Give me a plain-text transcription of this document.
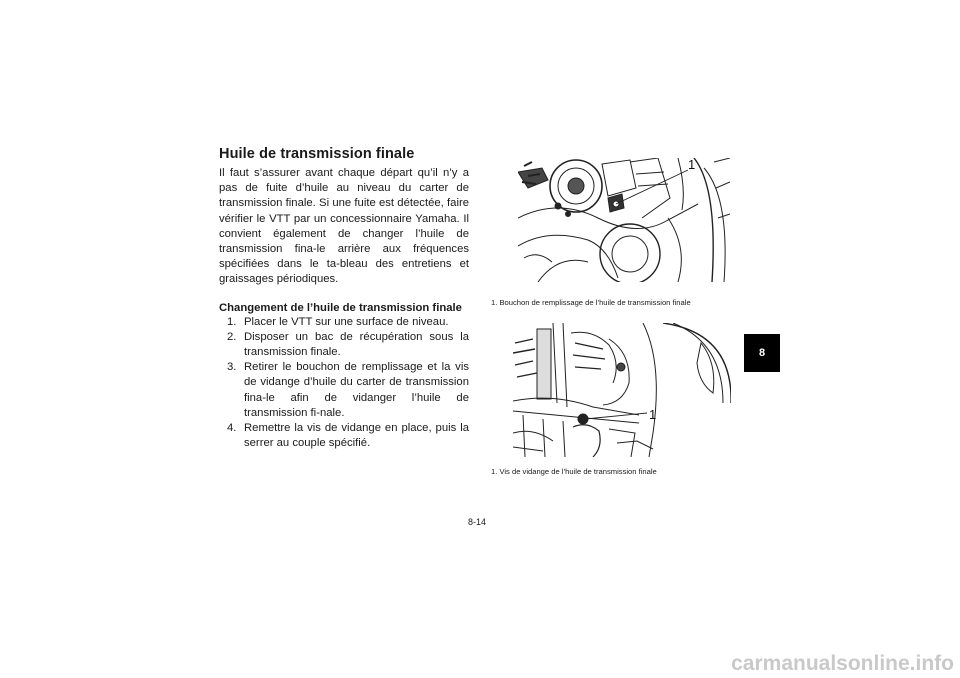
Huile de transmission finale

Il faut s’assurer avant chaque départ qu’il n’y a pas de fuite d’huile au niveau du carter de transmission finale. Si une fuite est détectée, faire vérifier le VTT par un concessionnaire Yamaha. Il convient également de changer l’huile de transmission fina-le arrière aux fréquences spécifiées dans le ta-bleau des entretiens et graissages périodiques.

Changement de l’huile de transmission finale
1. Placer le VTT sur une surface de niveau.
2. Disposer un bac de récupération sous la transmission finale.
3. Retirer le bouchon de remplissage et la vis de vidange d’huile du carter de transmission fina-le afin de vidanger l’huile de transmission fi-nale.
4. Remettre la vis de vidange en place, puis la serrer au couple spécifié.
1
1. Bouchon de remplissage de l’huile de transmission finale
1
1. Vis de vidange de l’huile de transmission finale
8-14
8
carmanualsonline.info
